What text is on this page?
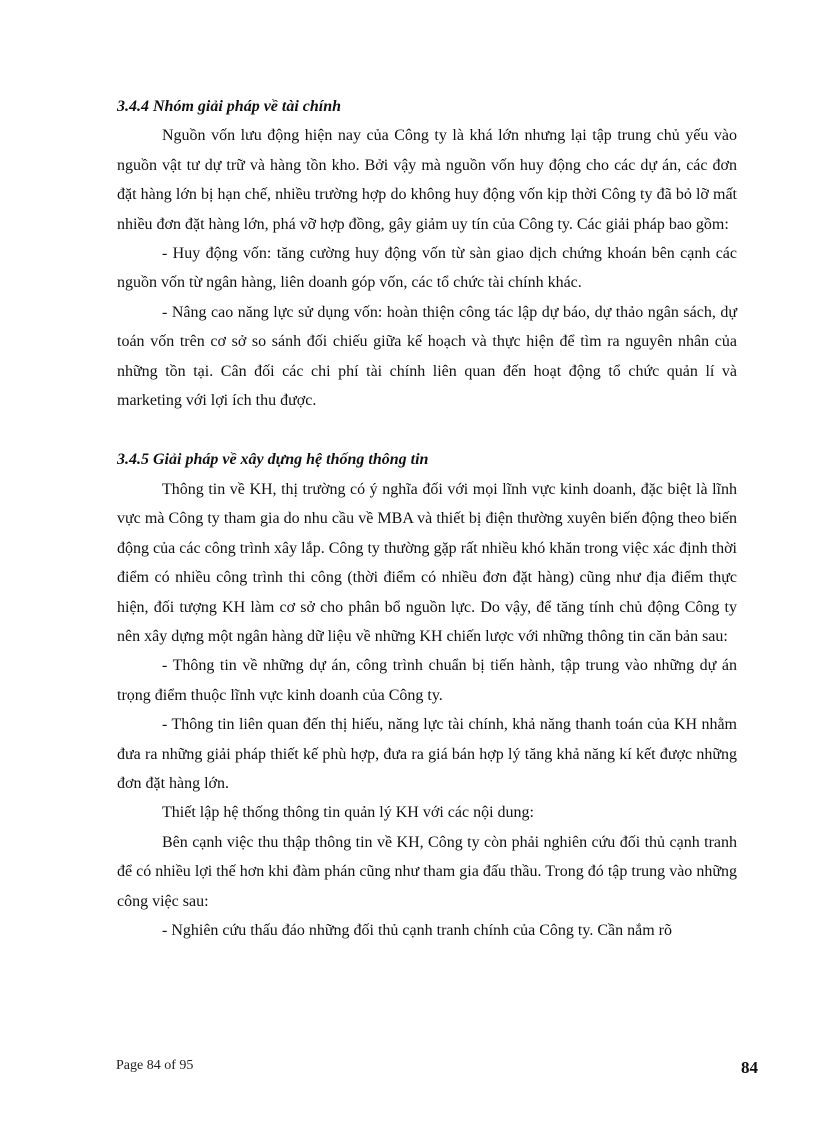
3.4.4 Nhóm giải pháp về tài chính

Nguồn vốn lưu động hiện nay của Công ty là khá lớn nhưng lại tập trung chủ yếu vào nguồn vật tư dự trữ và hàng tồn kho. Bởi vậy mà nguồn vốn huy động cho các dự án, các đơn đặt hàng lớn bị hạn chế, nhiều trường hợp do không huy động vốn kịp thời Công ty đã bỏ lỡ mất nhiều đơn đặt hàng lớn, phá vỡ hợp đồng, gây giảm uy tín của Công ty. Các giải pháp bao gồm:

- Huy động vốn: tăng cường huy động vốn từ sàn giao dịch chứng khoán bên cạnh các nguồn vốn từ ngân hàng, liên doanh góp vốn, các tổ chức tài chính khác.

- Nâng cao năng lực sử dụng vốn: hoàn thiện công tác lập dự báo, dự thảo ngân sách, dự toán vốn trên cơ sở so sánh đối chiếu giữa kế hoạch và thực hiện để tìm ra nguyên nhân của những tồn tại. Cân đối các chi phí tài chính liên quan đến hoạt động tổ chức quản lí và marketing với lợi ích thu được.

3.4.5 Giải pháp về xây dựng hệ thống thông tin

Thông tin về KH, thị trường có ý nghĩa đối với mọi lĩnh vực kinh doanh, đặc biệt là lĩnh vực mà Công ty tham gia do nhu cầu về MBA và thiết bị điện thường xuyên biến động theo biến động của các công trình xây lắp. Công ty thường gặp rất nhiều khó khăn trong việc xác định thời điểm có nhiều công trình thi công (thời điểm có nhiều đơn đặt hàng) cũng như địa điểm thực hiện, đối tượng KH làm cơ sở cho phân bổ nguồn lực. Do vậy, để tăng tính chủ động Công ty nên xây dựng một ngân hàng dữ liệu về những KH chiến lược với những thông tin căn bản sau:

- Thông tin về những dự án, công trình chuẩn bị tiến hành, tập trung vào những dự án trọng điểm thuộc lĩnh vực kinh doanh của Công ty.

- Thông tin liên quan đến thị hiếu, năng lực tài chính, khả năng thanh toán của KH nhằm đưa ra những giải pháp thiết kế phù hợp, đưa ra giá bán hợp lý tăng khả năng kí kết được những đơn đặt hàng lớn.

Thiết lập hệ thống thông tin quản lý KH với các nội dung:

Bên cạnh việc thu thập thông tin về KH, Công ty còn phải nghiên cứu đối thủ cạnh tranh để có nhiều lợi thế hơn khi đàm phán cũng như tham gia đấu thầu. Trong đó tập trung vào những công việc sau:

- Nghiên cứu thấu đáo những đối thủ cạnh tranh chính của Công ty. Cần nắm rõ

Page 84 of 95	84
